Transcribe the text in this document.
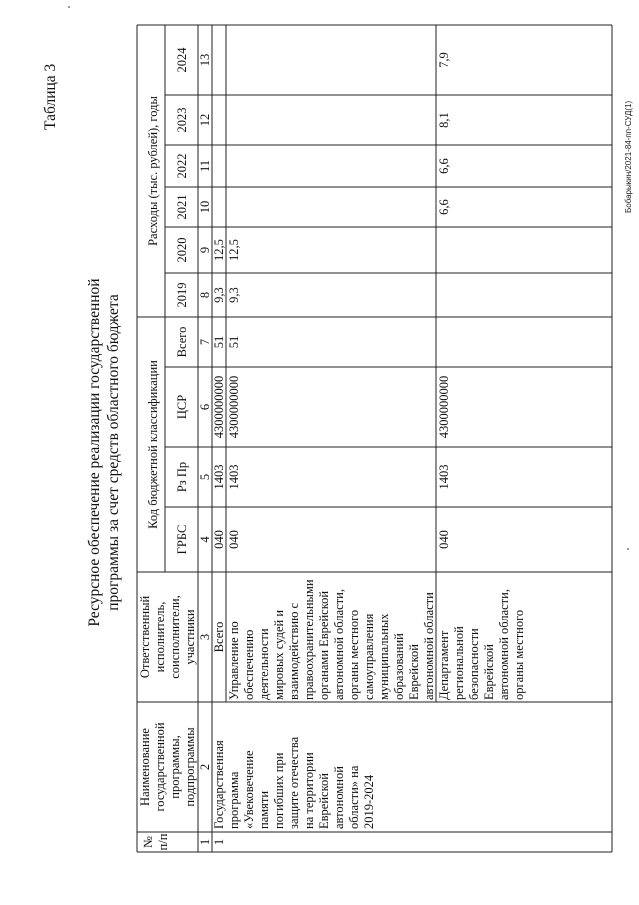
Таблица 3
Ресурсное обеспечение реализации государственной программы за счет средств областного бюджета
№ п/п
Наименование государственной программы, подпрограммы
Ответственный исполнитель, соисполнители, участники
Код бюджетной классификации
ГРБС
Рз Пр
ЦСР
Всего
Расходы (тыс. рублей), годы
2019
2020
2021
2022
2023
2024
1
2
3
4
5
6
7
8
9
10
11
12
13
1
Государственная программа «Увековечение памяти погибших при защите отечества на территории Еврейской автономной области» на 2019-2024
Всего
040
1403
4300000000
51
9,3
12,5
Управление по обеспечению деятельности мировых судей и взаимодействию с правоохранительными органами Еврейской автономной области, органы местного самоуправления муниципальных образований Еврейской автономной области
040
1403
4300000000
51
9,3
12,5
Департамент региональной безопасности Еврейской автономной области, органы местного
040
1403
4300000000
6,6
6,6
8,1
7,9
Бобарыкин/2021-84-пп-СУД(1)
